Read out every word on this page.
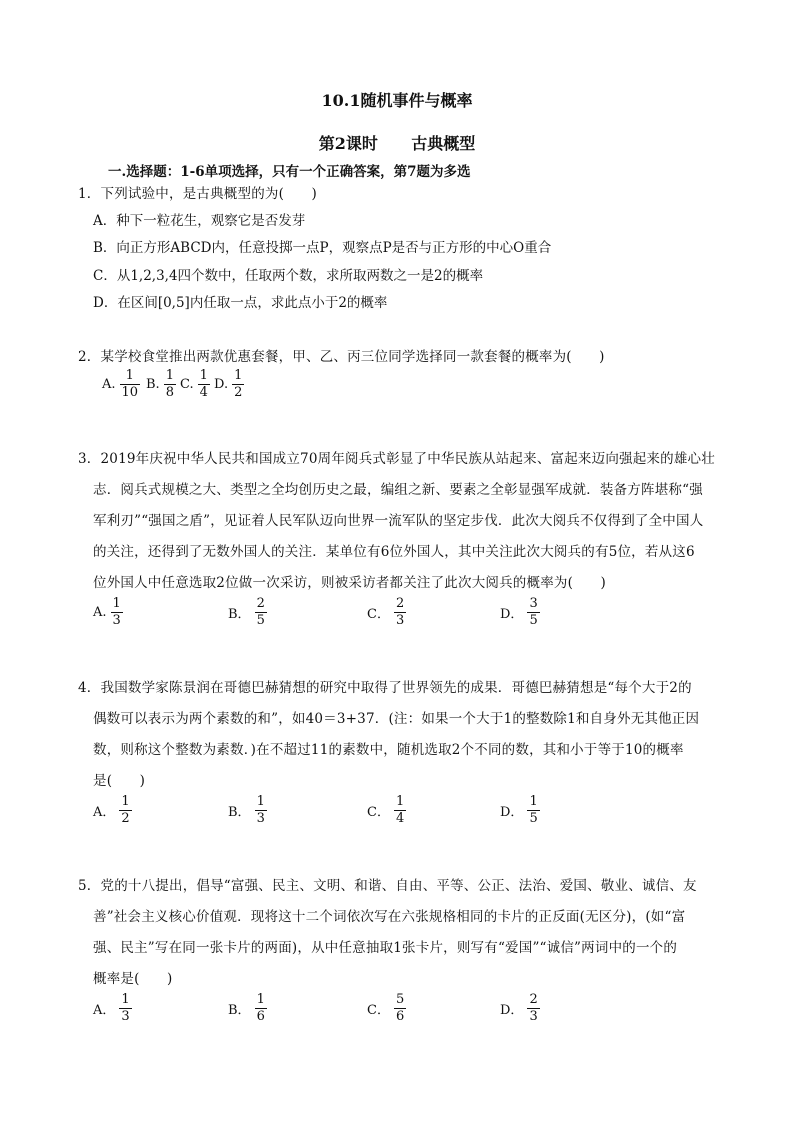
10.1随机事件与概率
第2课时      古典概型
一.选择题：1-6单项选择，只有一个正确答案，第7题为多选
1．下列试验中，是古典概型的为(　　)
A．种下一粒花生，观察它是否发芽
B．向正方形ABCD内，任意投掷一点P，观察点P是否与正方形的中心O重合
C．从1,2,3,4四个数中，任取两个数，求所取两数之一是2的概率
D．在区间[0,5]内任取一点，求此点小于2的概率
2．某学校食堂推出两款优惠套餐，甲、乙、丙三位同学选择同一款套餐的概率为(　　)
A. $\frac{1}{10} B$. $\frac{1}{8} C$. $\frac{1}{4} D$. $\frac{1}{2}$
3．2019年庆祝中华人民共和国成立70周年阅兵式彰显了中华民族从站起来、富起来迈向强起来的雄心壮
志．阅兵式规模之大、类型之全均创历史之最，编组之新、要素之全彰显强军成就．装备方阵堪称“强
军利刃”“强国之盾”，见证着人民军队迈向世界一流军队的坚定步伐．此次大阅兵不仅得到了全中国人
的关注，还得到了无数外国人的关注．某单位有6位外国人，其中关注此次大阅兵的有5位，若从这6
位外国人中任意选取2位做一次采访，则被采访者都关注了此次大阅兵的概率为(　　)
A. $\frac{1}{3}$	B． $\frac{2}{5}$	C． $\frac{2}{3}$	D． $\frac{3}{5}$
4．我国数学家陈景润在哥德巴赫猜想的研究中取得了世界领先的成果．哥德巴赫猜想是“每个大于2的
偶数可以表示为两个素数的和”，如40＝3+37．(注：如果一个大于1的整数除1和自身外无其他正因
数，则称这个整数为素数．)在不超过11的素数中，随机选取2个不同的数，其和小于等于10的概率
是(　　)
A． $\frac{1}{2}$	B． $\frac{1}{3}$	C． $\frac{1}{4}$	D． $\frac{1}{5}$
5．党的十八提出，倡导“富强、民主、文明、和谐、自由、平等、公正、法治、爱国、敬业、诚信、友
善”社会主义核心价值观．现将这十二个词依次写在六张规格相同的卡片的正反面(无区分)，(如“富
强、民主”写在同一张卡片的两面)，从中任意抽取1张卡片，则写有“爱国”“诚信”两词中的一个的
概率是(　　)
A． $\frac{1}{3}$	B． $\frac{1}{6}$	C． $\frac{5}{6}$	D． $\frac{2}{3}$
